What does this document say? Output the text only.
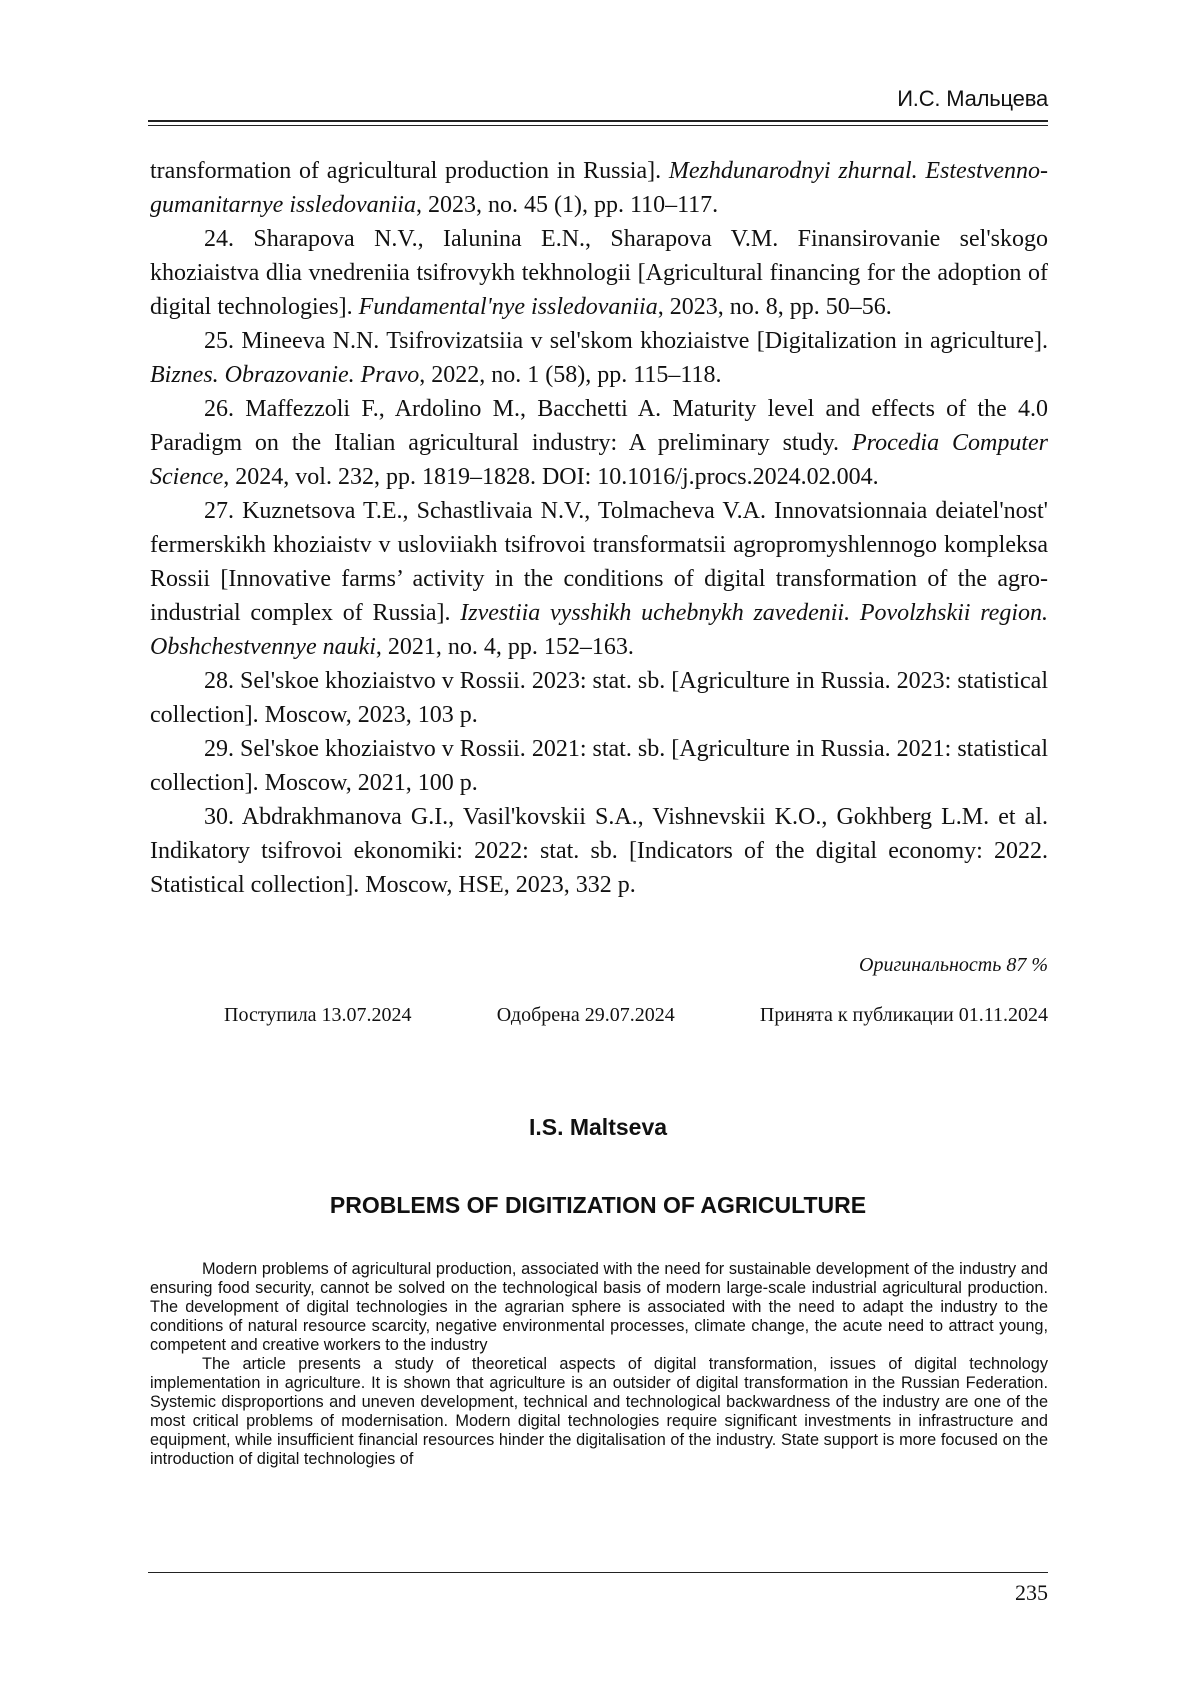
И.С. Мальцева

transformation of agricultural production in Russia]. Mezhdunarodnyi zhurnal. Estestvenno-gumanitarnye issledovaniia, 2023, no. 45 (1), pp. 110–117.

24. Sharapova N.V., Ialunina E.N., Sharapova V.M. Finansirovanie sel'skogo khoziaistva dlia vnedreniia tsifrovykh tekhnologii [Agricultural financing for the adoption of digital technologies]. Fundamental'nye issledovaniia, 2023, no. 8, pp. 50–56.

25. Mineeva N.N. Tsifrovizatsiia v sel'skom khoziaistve [Digitalization in agriculture]. Biznes. Obrazovanie. Pravo, 2022, no. 1 (58), pp. 115–118.

26. Maffezzoli F., Ardolino M., Bacchetti A. Maturity level and effects of the 4.0 Paradigm on the Italian agricultural industry: A preliminary study. Procedia Computer Science, 2024, vol. 232, pp. 1819–1828. DOI: 10.1016/j.procs.2024.02.004.

27. Kuznetsova T.E., Schastlivaia N.V., Tolmacheva V.A. Innovatsionnaia deiatel'nost' fermerskikh khoziaistv v usloviiakh tsifrovoi transformatsii agropromyshlennogo kompleksa Rossii [Innovative farms’ activity in the conditions of digital transformation of the agro-industrial complex of Russia]. Izvestiia vysshikh uchebnykh zavedenii. Povolzhskii region. Obshchestvennye nauki, 2021, no. 4, pp. 152–163.

28. Sel'skoe khoziaistvo v Rossii. 2023: stat. sb. [Agriculture in Russia. 2023: statistical collection]. Moscow, 2023, 103 p.

29. Sel'skoe khoziaistvo v Rossii. 2021: stat. sb. [Agriculture in Russia. 2021: statistical collection]. Moscow, 2021, 100 p.

30. Abdrakhmanova G.I., Vasil'kovskii S.A., Vishnevskii K.O., Gokhberg L.M. et al. Indikatory tsifrovoi ekonomiki: 2022: stat. sb. [Indicators of the digital economy: 2022. Statistical collection]. Moscow, HSE, 2023, 332 p.

Оригинальность 87 %
Поступила 13.07.2024	Одобрена 29.07.2024	Принята к публикации 01.11.2024
I.S. Maltseva
PROBLEMS OF DIGITIZATION OF AGRICULTURE

Modern problems of agricultural production, associated with the need for sustainable development of the industry and ensuring food security, cannot be solved on the technological basis of modern large-scale industrial agricultural production. The development of digital technologies in the agrarian sphere is associated with the need to adapt the industry to the conditions of natural resource scarcity, negative environmental processes, climate change, the acute need to attract young, competent and creative workers to the industry

The article presents a study of theoretical aspects of digital transformation, issues of digital technology implementation in agriculture. It is shown that agriculture is an outsider of digital transformation in the Russian Federation. Systemic disproportions and uneven development, technical and technological backwardness of the industry are one of the most critical problems of modernisation. Modern digital technologies require significant investments in infrastructure and equipment, while insufficient financial resources hinder the digitalisation of the industry. State support is more focused on the introduction of digital technologies of

235
